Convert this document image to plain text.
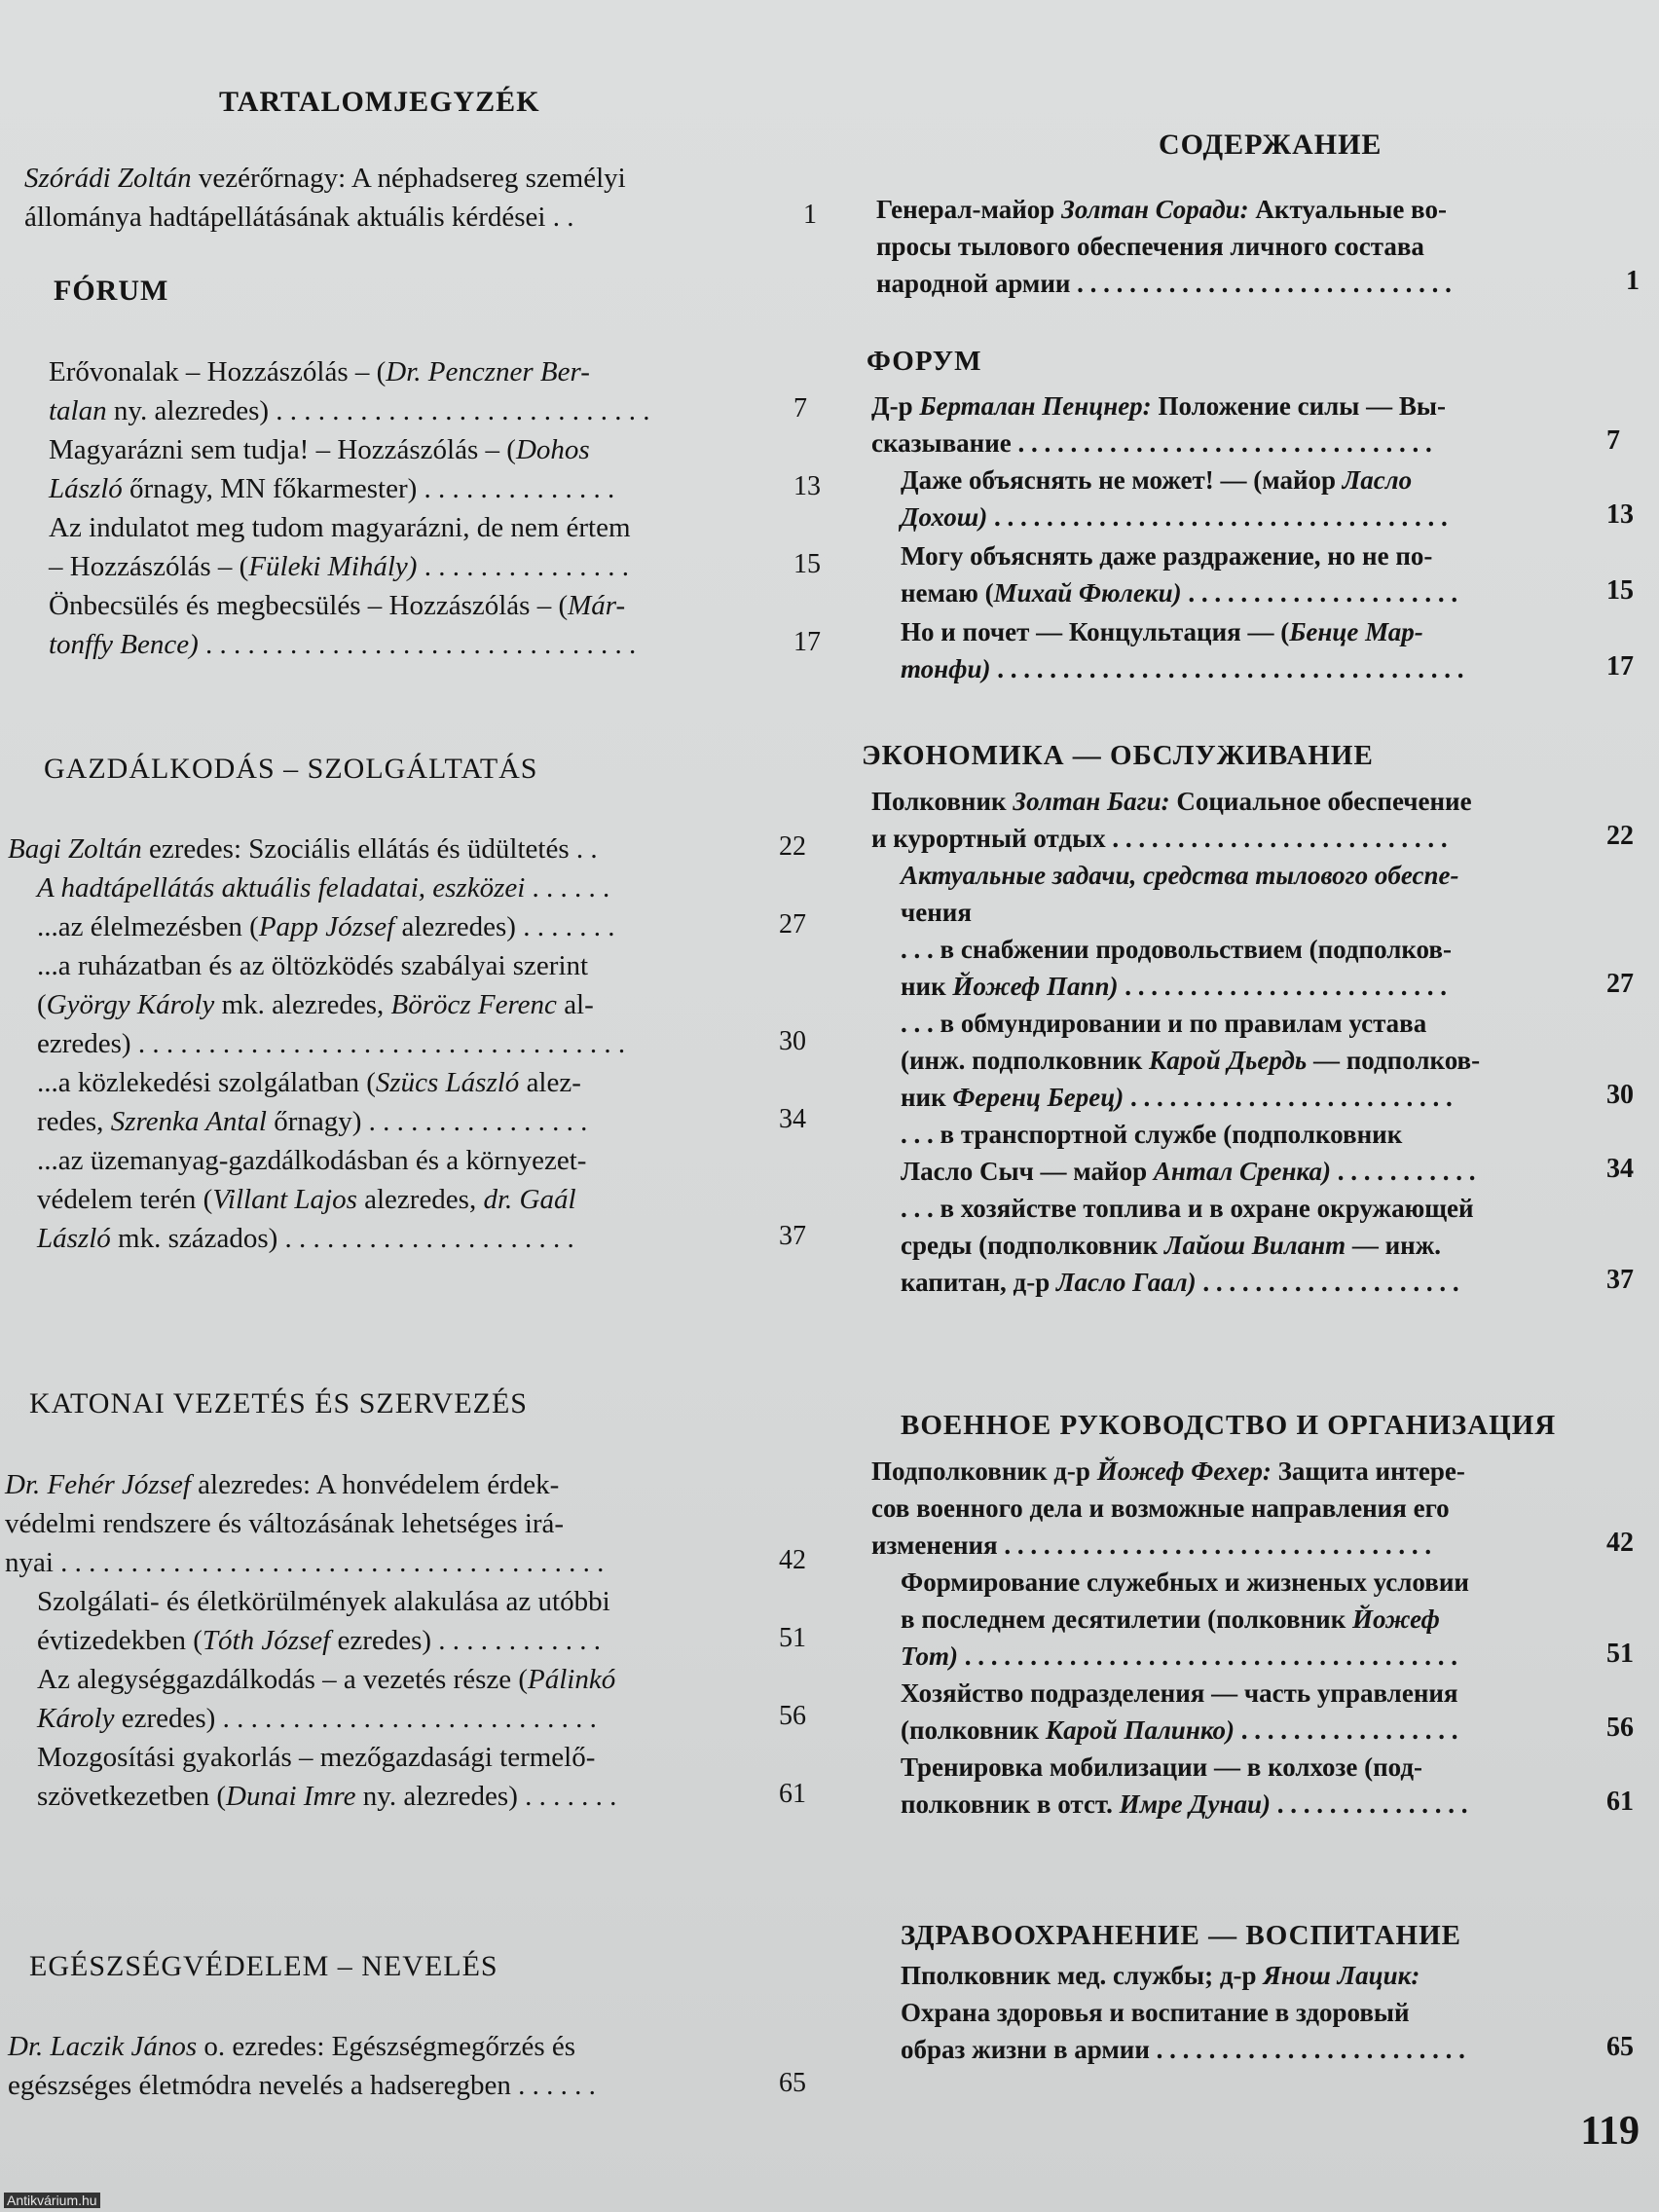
TARTALOMJEGYZÉK
Szórádi Zoltán vezérőrnagy: A néphadsereg személyi
állománya hadtápellátásának aktuális kérdései . .	1
FÓRUM
Erővonalak – Hozzászólás – (Dr. Penczner Ber-
talan ny. alezredes) . . . . . . . . . . . . . . . . . . . . . . . . . . .	7
Magyarázni sem tudja! – Hozzászólás – (Dohos
László őrnagy, MN főkarmester) . . . . . . . . . . . . . .	13
Az indulatot meg tudom magyarázni, de nem értem
– Hozzászólás – (Füleki Mihály) . . . . . . . . . . . . . . .	15
Önbecsülés és megbecsülés – Hozzászólás – (Már-
tonffy Bence) . . . . . . . . . . . . . . . . . . . . . . . . . . . . . . .	17
GAZDÁLKODÁS – SZOLGÁLTATÁS
Bagi Zoltán ezredes: Szociális ellátás és üdültetés . .	22
A hadtápellátás aktuális feladatai, eszközei . . . . . .
...az élelmezésben (Papp József alezredes) . . . . . . .	27
...a ruházatban és az öltözködés szabályai szerint
(György Károly mk. alezredes, Böröcz Ferenc al-
ezredes) . . . . . . . . . . . . . . . . . . . . . . . . . . . . . . . . . . .	30
...a közlekedési szolgálatban (Szücs László alez-
redes, Szrenka Antal őrnagy) . . . . . . . . . . . . . . . .	34
...az üzemanyag-gazdálkodásban és a környezet-
védelem terén (Villant Lajos alezredes, dr. Gaál
László mk. százados) . . . . . . . . . . . . . . . . . . . . .	37
KATONAI VEZETÉS ÉS SZERVEZÉS
Dr. Fehér József alezredes: A honvédelem érdek-
védelmi rendszere és változásának lehetséges irá-
nyai . . . . . . . . . . . . . . . . . . . . . . . . . . . . . . . . . . . . . . .	42
Szolgálati- és életkörülmények alakulása az utóbbi
évtizedekben (Tóth József ezredes) . . . . . . . . . . . .	51
Az alegységgazdálkodás – a vezetés része (Pálinkó
Károly ezredes) . . . . . . . . . . . . . . . . . . . . . . . . . . .	56
Mozgosítási gyakorlás – mezőgazdasági termelő-
szövetkezetben (Dunai Imre ny. alezredes) . . . . . . .	61
EGÉSZSÉGVÉDELEM – NEVELÉS
Dr. Laczik János o. ezredes: Egészségmegőrzés és
egészséges életmódra nevelés a hadseregben . . . . . .	65
СОДЕРЖАНИЕ
Генерал-майор Золтан Сoради: Актуальные во-
просы тылового обеспечения личного состава
народной армии . . . . . . . . . . . . . . . . . . . . . . . . . . . . .	1
ФОРУМ
Д-р Берталан Пенцнер: Положение силы — Вы-
сказывание . . . . . . . . . . . . . . . . . . . . . . . . . . . . . . . .	7
Даже объяснять не может! — (майор Ласло
Дохош) . . . . . . . . . . . . . . . . . . . . . . . . . . . . . . . . . . .	13
Могу объяснять даже раздражение, но не по-
немаю (Михай Фюлеки) . . . . . . . . . . . . . . . . . . . . .	15
Но и почет — Концультация — (Бенце Мар-
тонфи) . . . . . . . . . . . . . . . . . . . . . . . . . . . . . . . . . . . .	17
ЭКОНОМИКА — ОБСЛУЖИВАНИЕ
Полковник Золтан Баги: Социальное обеспечение
и курортный отдых . . . . . . . . . . . . . . . . . . . . . . . . . .	22
Актуальные задачи, средства тылового обеспе-
чения
. . . в снабжении продовольствием (подполков-
ник Йожеф Папп) . . . . . . . . . . . . . . . . . . . . . . . . .	27
. . . в обмундировании и по правилам устава
(инж. подполковник Карой Дьердь — подполков-
ник Ференц Берец) . . . . . . . . . . . . . . . . . . . . . . . . .	30
. . . в транспортной службе (подполковник
Ласло Сыч — майор Антал Сренка) . . . . . . . . . . .	34
. . . в хозяйстве топлива и в охране окружающей
среды (подполковник Лайош Вилант — инж.
капитан, д-р Ласло Гаал) . . . . . . . . . . . . . . . . . . . .	37
ВОЕННОЕ РУКОВОДСТВО И ОРГАНИЗАЦИЯ
Подполковник д-р Йожеф Фехер: Защита интере-
сов военного дела и возможные направления его
изменения . . . . . . . . . . . . . . . . . . . . . . . . . . . . . . . . .	42
Формирование служебных и жизненых условии
в последнем десятилетии (полковник Йожеф
Тот) . . . . . . . . . . . . . . . . . . . . . . . . . . . . . . . . . . . . . .	51
Хозяйство подразделения — часть управления
(полковник Карой Палинко) . . . . . . . . . . . . . . . . .	56
Тренировка мобилизации — в колхозе (под-
полковник в отст. Имре Дунаи) . . . . . . . . . . . . . . .	61
ЗДРАВООХРАНЕНИЕ — ВОСПИТАНИЕ
Пполковник мед. службы; д-р Янош Лацик:
Охрана здоровья и воспитание в здоровый
образ жизни в армии . . . . . . . . . . . . . . . . . . . . . . . .	65
119
Antikvárium.hu
